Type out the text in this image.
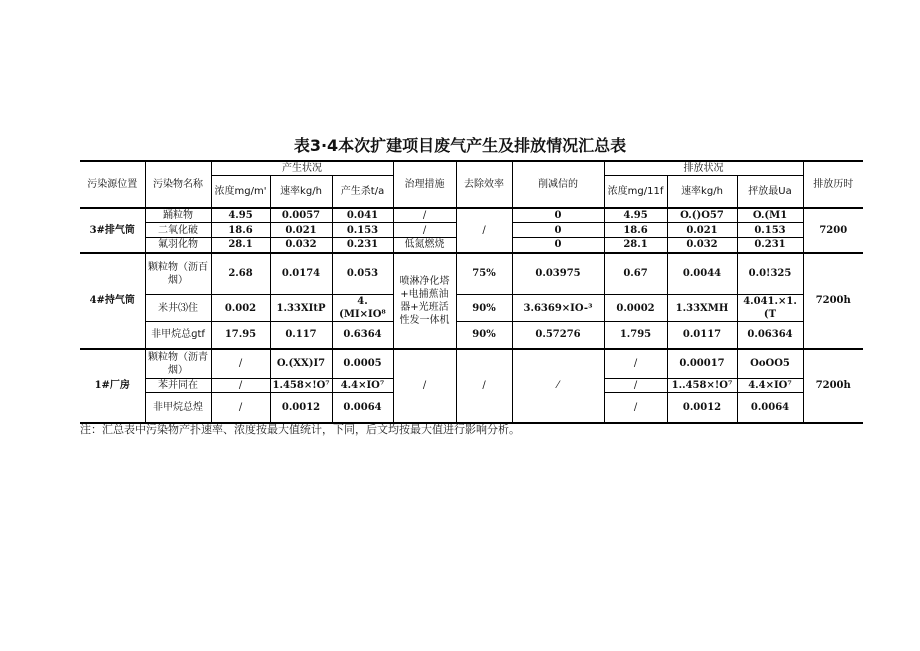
表3·4本次扩建项目废气产生及排放情况汇总表
污染源位置	污染物名称	产生状况			治理措施	去除效率	削减信的	排放状况			排放历时
		浓度mg/m'	速率kg/h	产生杀t/a				浓度mg/11f	速率kg/h	抨放最Ua	
3#排气筒	踊粒物	4.95	0.0057	0.041	/	/	0	4.95	O.()O57	O.(M1	7200
	二氧化破	18.6	0.021	0.153	/		0	18.6	0.021	0.153	
	氟羽化物	28.1	0.032	0.231	低氮燃烧		0	28.1	0.032	0.231	
4#持气筒	颗粒物（沥百烟）	2.68	0.0174	0.053	喷淋净化塔+电捕蕉油器+光班活性发一体机	75%	0.03975	0.67	0.0044	0.0!325	7200h
	米井⑶住	0.002	1.33XItP	4.(MI×IO⁸		90%	3.6369×IO-³	0.0002	1.33XMH	4.041.×1.(T	
	非甲烷总ɡtf	17.95	0.117	0.6364		90%	0.57276	1.795	0.0117	0.06364	
1#厂房	颗粒物（沥青烟）	/	O.(XX)I7	0.0005	/	/	⁄	/	0.00017	OoOO5	7200h
	苯并同在	/	1.458×!O⁷	4.4×IO⁷				/	1..458×!O⁷	4.4×IO⁷	
	非甲烷总煌	/	0.0012	0.0064				/	0.0012	0.0064	
注：汇总表中污染物产扑速率、浓度按最大值统计，下同，后文均按最大值进行影响分析。
